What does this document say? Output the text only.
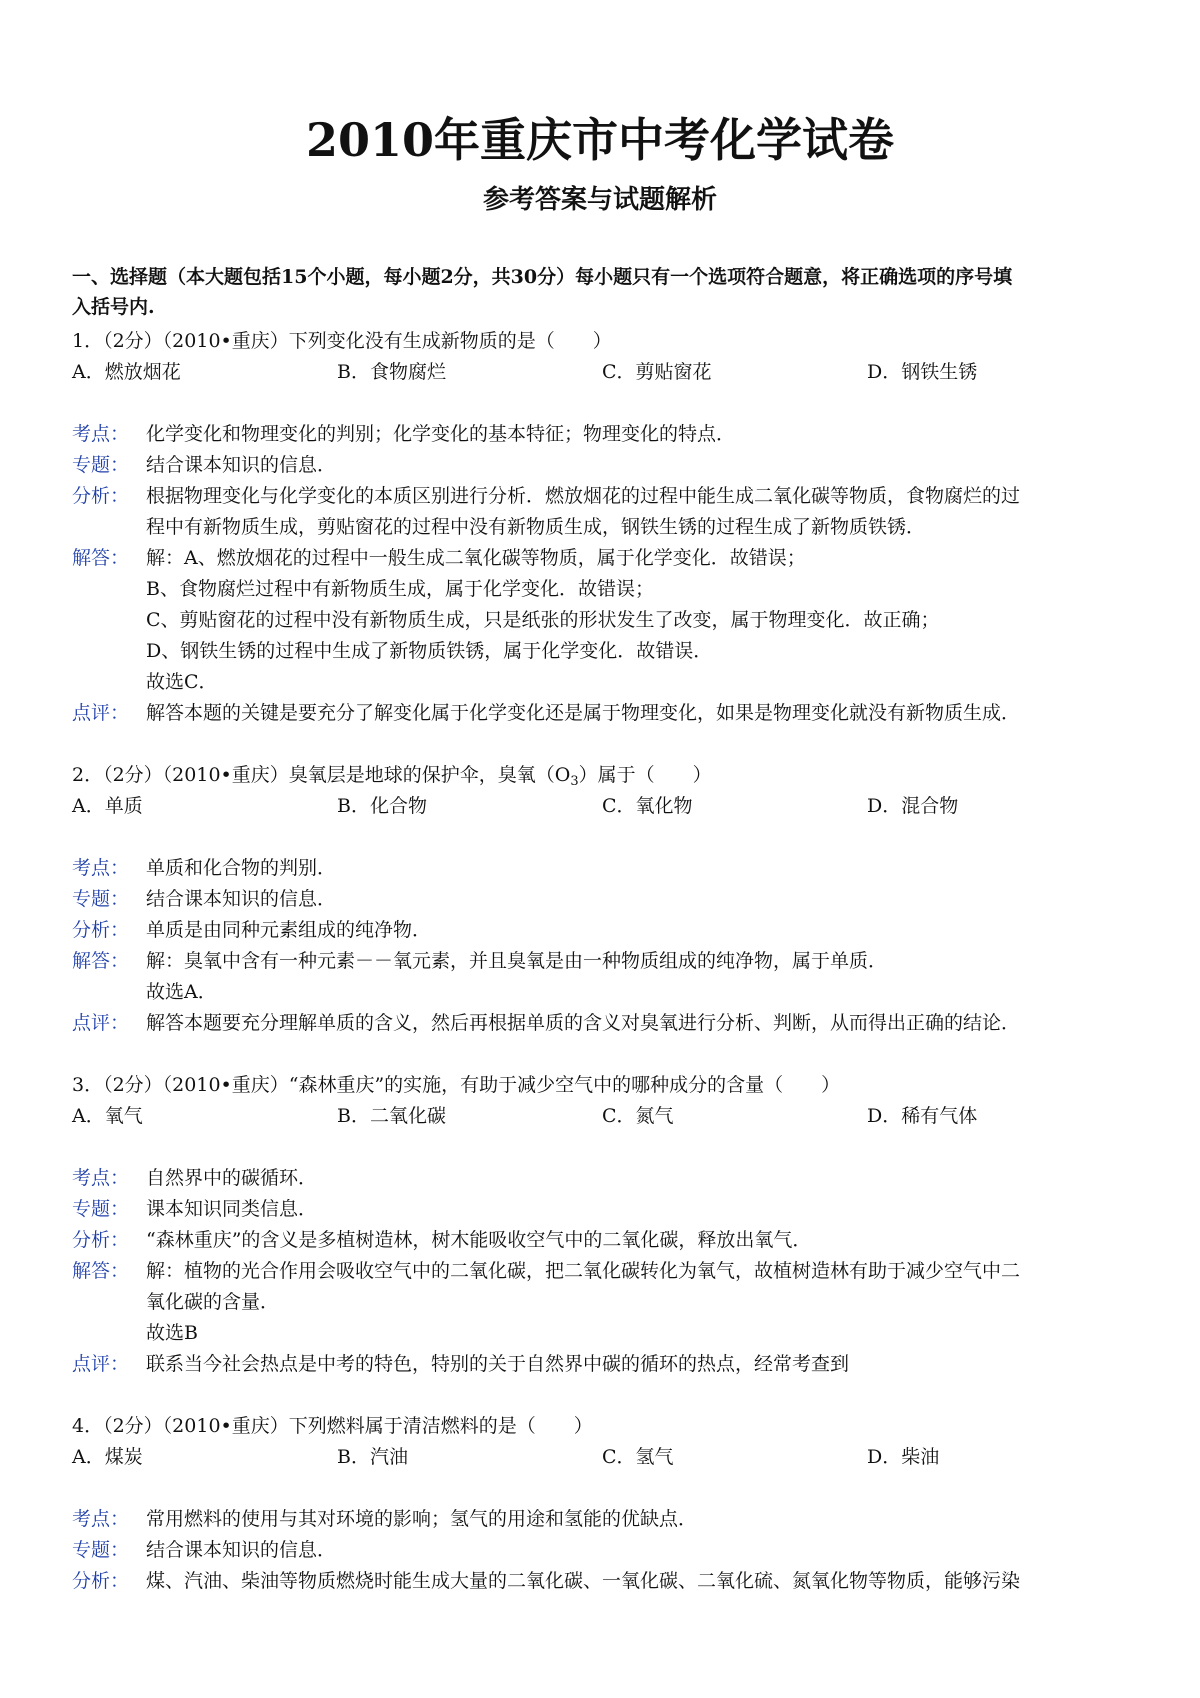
2010年重庆市中考化学试卷
参考答案与试题解析
一、选择题（本大题包括15个小题，每小题2分，共30分）每小题只有一个选项符合题意，将正确选项的序号填
入括号内.
1．（2分）（2010•重庆）下列变化没有生成新物质的是（　　）
A．燃放烟花	B．食物腐烂	C．剪贴窗花	D．钢铁生锈
考点： 化学变化和物理变化的判别；化学变化的基本特征；物理变化的特点．
专题： 结合课本知识的信息．
分析： 根据物理变化与化学变化的本质区别进行分析．燃放烟花的过程中能生成二氧化碳等物质，食物腐烂的过
程中有新物质生成，剪贴窗花的过程中没有新物质生成，钢铁生锈的过程生成了新物质铁锈．
解答： 解：A、燃放烟花的过程中一般生成二氧化碳等物质，属于化学变化．故错误；
B、食物腐烂过程中有新物质生成，属于化学变化．故错误；
C、剪贴窗花的过程中没有新物质生成，只是纸张的形状发生了改变，属于物理变化．故正确；
D、钢铁生锈的过程中生成了新物质铁锈，属于化学变化．故错误．
故选C．
点评： 解答本题的关键是要充分了解变化属于化学变化还是属于物理变化，如果是物理变化就没有新物质生成．
2．（2分）（2010•重庆）臭氧层是地球的保护伞，臭氧$(O_3)$属于（　　）
A．单质	B．化合物	C．氧化物	D．混合物
考点： 单质和化合物的判别．
专题： 结合课本知识的信息．
分析： 单质是由同种元素组成的纯净物．
解答： 解：臭氧中含有一种元素－－氧元素，并且臭氧是由一种物质组成的纯净物，属于单质．
故选A．
点评： 解答本题要充分理解单质的含义，然后再根据单质的含义对臭氧进行分析、判断，从而得出正确的结论．
3．（2分）（2010•重庆）“森林重庆”的实施，有助于减少空气中的哪种成分的含量（　　）
A．氧气	B．二氧化碳	C．氮气	D．稀有气体
考点： 自然界中的碳循环．
专题： 课本知识同类信息．
分析： “森林重庆”的含义是多植树造林，树木能吸收空气中的二氧化碳，释放出氧气．
解答： 解：植物的光合作用会吸收空气中的二氧化碳，把二氧化碳转化为氧气，故植树造林有助于减少空气中二
氧化碳的含量．
故选B
点评： 联系当今社会热点是中考的特色，特别的关于自然界中碳的循环的热点，经常考查到
4．（2分）（2010•重庆）下列燃料属于清洁燃料的是（　　）
A．煤炭	B．汽油	C．氢气	D．柴油
考点： 常用燃料的使用与其对环境的影响；氢气的用途和氢能的优缺点．
专题： 结合课本知识的信息．
分析： 煤、汽油、柴油等物质燃烧时能生成大量的二氧化碳、一氧化碳、二氧化硫、氮氧化物等物质，能够污染
